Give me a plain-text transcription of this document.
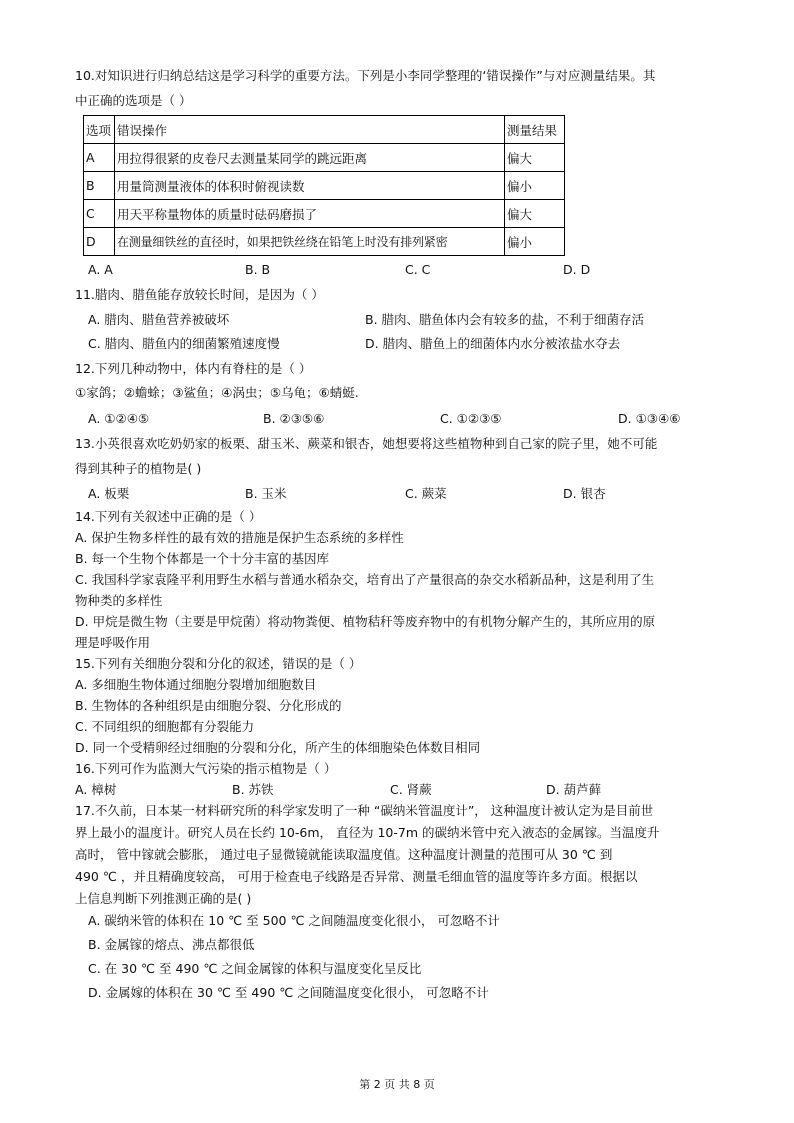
10.对知识进行归纳总结这是学习科学的重要方法。下列是小李同学整理的‘错误操作”与对应测量结果。其
中正确的选项是（ ）
选项	错误操作	测量结果
A	用拉得很紧的皮卷尺去测量某同学的跳远距离	偏大
B	用量筒测量液体的体积时俯视读数	偏小
C	用天平称量物体的质量时砝码磨损了	偏大
D	在测量细铁丝的直径时，如果把铁丝绕在铅笔上时没有排列紧密	偏小
A. A	B. B	C. C	D. D
11.腊肉、腊鱼能存放较长时间，是因为（ ）
A. 腊肉、腊鱼营养被破坏	B. 腊肉、腊鱼体内会有较多的盐，不利于细菌存活
C. 腊肉、腊鱼内的细菌繁殖速度慢	D. 腊肉、腊鱼上的细菌体内水分被浓盐水夺去
12.下列几种动物中，体内有脊柱的是（ ）
①家鸽；②蟾蜍；③鲨鱼；④涡虫；⑤乌龟；⑥蜻蜓.
A. ①②④⑤	B. ②③⑤⑥	C. ①②③⑤	D. ①③④⑥
13.小英很喜欢吃奶奶家的板栗、甜玉米、蕨菜和银杏，她想要将这些植物种到自己家的院子里，她不可能
得到其种子的植物是( )
A. 板栗	B. 玉米	C. 蕨菜	D. 银杏
14.下列有关叙述中正确的是（ ）
A. 保护生物多样性的最有效的措施是保护生态系统的多样性
B. 每一个生物个体都是一个十分丰富的基因库
C. 我国科学家袁隆平利用野生水稻与普通水稻杂交，培育出了产量很高的杂交水稻新品种，这是利用了生
物种类的多样性
D. 甲烷是微生物（主要是甲烷菌）将动物粪便、植物秸秆等废弃物中的有机物分解产生的，其所应用的原
理是呼吸作用
15.下列有关细胞分裂和分化的叙述，错误的是（ ）
A. 多细胞生物体通过细胞分裂增加细胞数目
B. 生物体的各种组织是由细胞分裂、分化形成的
C. 不同组织的细胞都有分裂能力
D. 同一个受精卵经过细胞的分裂和分化，所产生的体细胞染色体数目相同
16.下列可作为监测大气污染的指示植物是（ ）
A. 樟树	B. 苏铁	C. 肾蕨	D. 葫芦藓
17.不久前，日本某一材料研究所的科学家发明了一种 “碳纳米管温度计”， 这种温度计被认定为是目前世
界上最小的温度计。研究人员在长约 10-6m， 直径为 10-7m 的碳纳米管中充入液态的金属镓。当温度升
高时， 管中镓就会膨胀， 通过电子显微镜就能读取温度值。这种温度计测量的范围可从 30 ℃ 到
490 ℃ ，并且精确度较高， 可用于检查电子线路是否异常、测量毛细血管的温度等许多方面。根据以
上信息判断下列推测正确的是( )
A. 碳纳米管的体积在 10 ℃ 至 500 ℃ 之间随温度变化很小， 可忽略不计
B. 金属镓的熔点、沸点都很低
C. 在 30 ℃ 至 490 ℃ 之间金属镓的体积与温度变化呈反比
D. 金属嫁的体积在 30 ℃ 至 490 ℃ 之间随温度变化很小， 可忽略不计
第 2 页 共 8 页
